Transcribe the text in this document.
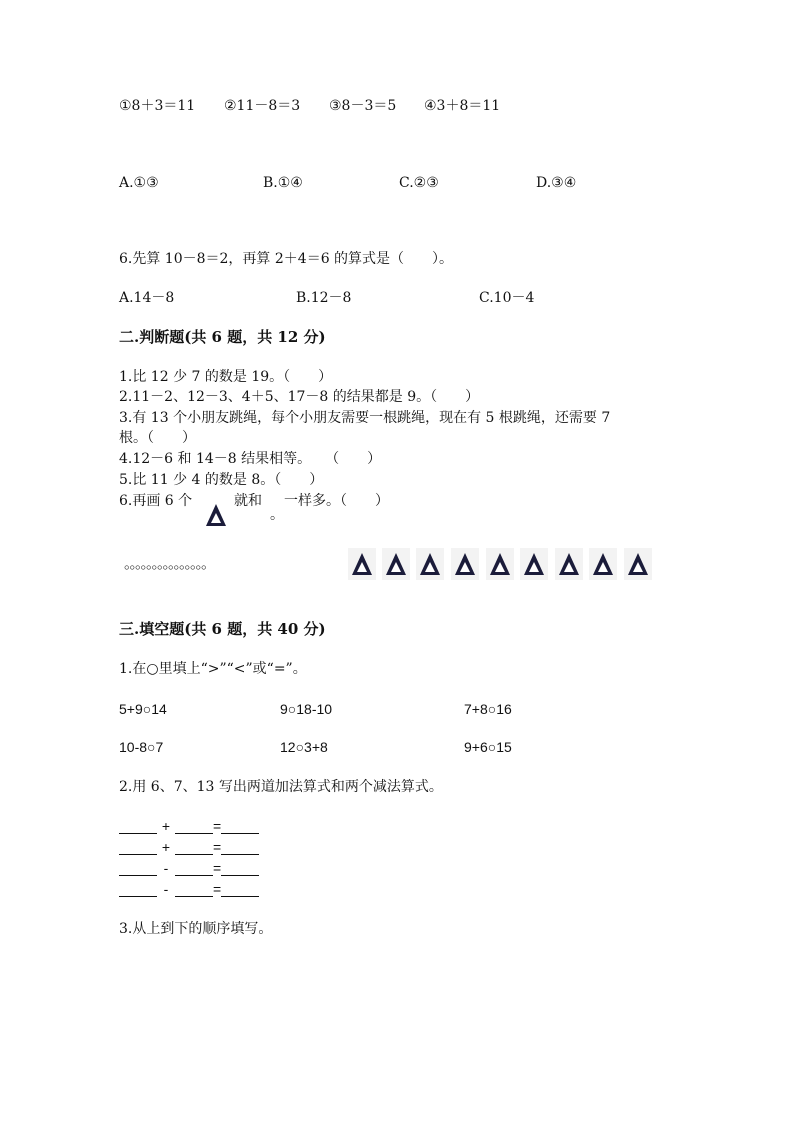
①8＋3＝11 ②11－8＝3 ③8－3＝5 ④3＋8＝11
A.①③	B.①④	C.②③	D.③④
6.先算 10－8＝2，再算 2＋4＝6 的算式是（　　）。
A.14－8	B.12－8	C.10－4
二.判断题(共 6 题，共 12 分)
1.比 12 少 7 的数是 19。（　　）
2.11－2、12－3、4＋5、17－8 的结果都是 9。（　　）
3.有 13 个小朋友跳绳，每个小朋友需要一根跳绳，现在有 5 根跳绳，还需要 7
根。（　　）
4.12－6 和 14－8 结果相等。　　（　　）
5.比 11 少 4 的数是 8。（　　）
6.再画 6 个	就和
。
一样多。（　　）
。。。。。。。。。。。。。。。
三.填空题(共 6 题，共 40 分)
1.在○里填上“>”“<”或“=”。
5+9○14	9○18-10	7+8○16
10-8○7	12○3+8	9+6○15
2.用 6、7、13 写出两道加法算式和两个减法算式。
+	=
+	=
-	=
-	=
3.从上到下的顺序填写。
